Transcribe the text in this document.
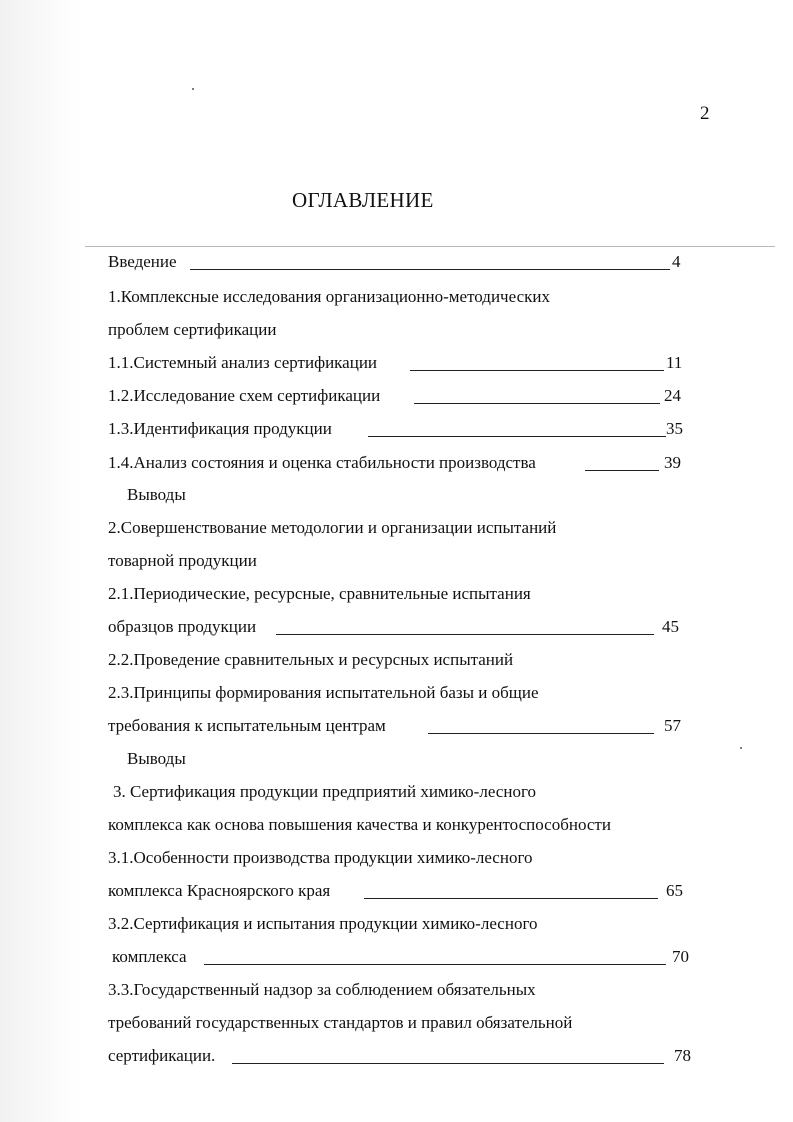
2
ОГЛАВЛЕНИЕ
Введение	4
1.Комплексные исследования организационно-методических
проблем сертификации
1.1.Системный анализ сертификации	11
1.2.Исследование схем сертификации	24
1.3.Идентификация продукции	35
1.4.Анализ состояния и оценка стабильности производства	39
Выводы
2.Совершенствование методологии и организации испытаний
товарной продукции
2.1.Периодические, ресурсные, сравнительные испытания
образцов продукции	45
2.2.Проведение сравнительных и ресурсных испытаний
2.3.Принципы формирования испытательной базы и общие
требования к испытательным центрам	57
Выводы
3. Сертификация продукции предприятий химико-лесного
комплекса как основа повышения качества и конкурентоспособности
3.1.Особенности производства продукции химико-лесного
комплекса Красноярского края	65
3.2.Сертификация и испытания продукции химико-лесного
комплекса	70
3.3.Государственный надзор за соблюдением обязательных
требований государственных стандартов и правил обязательной
сертификации.	78
